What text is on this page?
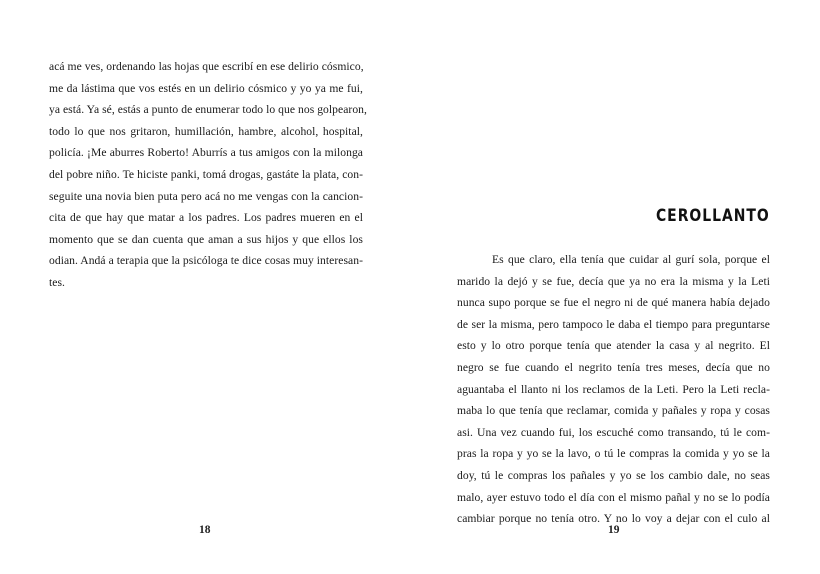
acá me ves, ordenando las hojas que escribí en ese delirio cósmico,
me da lástima que vos estés en un delirio cósmico y yo ya me fui,
ya está. Ya sé, estás a punto de enumerar todo lo que nos golpearon,
todo lo que nos gritaron, humillación, hambre, alcohol, hospital,
policía. ¡Me aburres Roberto! Aburrís a tus amigos con la milonga
del pobre niño. Te hiciste panki, tomá drogas, gastáte la plata, con-
seguite una novia bien puta pero acá no me vengas con la cancion-
cita de que hay que matar a los padres. Los padres mueren en el
momento que se dan cuenta que aman a sus hijos y que ellos los
odian. Andá a terapia que la psicóloga te dice cosas muy interesan-
tes.
18
CEROLLANTO
Es que claro, ella tenía que cuidar al gurí sola, porque el
marido la dejó y se fue, decía que ya no era la misma y la Leti
nunca supo porque se fue el negro ni de qué manera había dejado
de ser la misma, pero tampoco le daba el tiempo para preguntarse
esto y lo otro porque tenía que atender la casa y al negrito. El
negro se fue cuando el negrito tenía tres meses, decía que no
aguantaba el llanto ni los reclamos de la Leti. Pero la Leti recla-
maba lo que tenía que reclamar, comida y pañales y ropa y cosas
asi. Una vez cuando fui, los escuché como transando, tú le com-
pras la ropa y yo se la lavo, o tú le compras la comida y yo se la
doy, tú le compras los pañales y yo se los cambio dale, no seas
malo, ayer estuvo todo el día con el mismo pañal y no se lo podía
cambiar porque no tenía otro. Y no lo voy a dejar con el culo al
19
